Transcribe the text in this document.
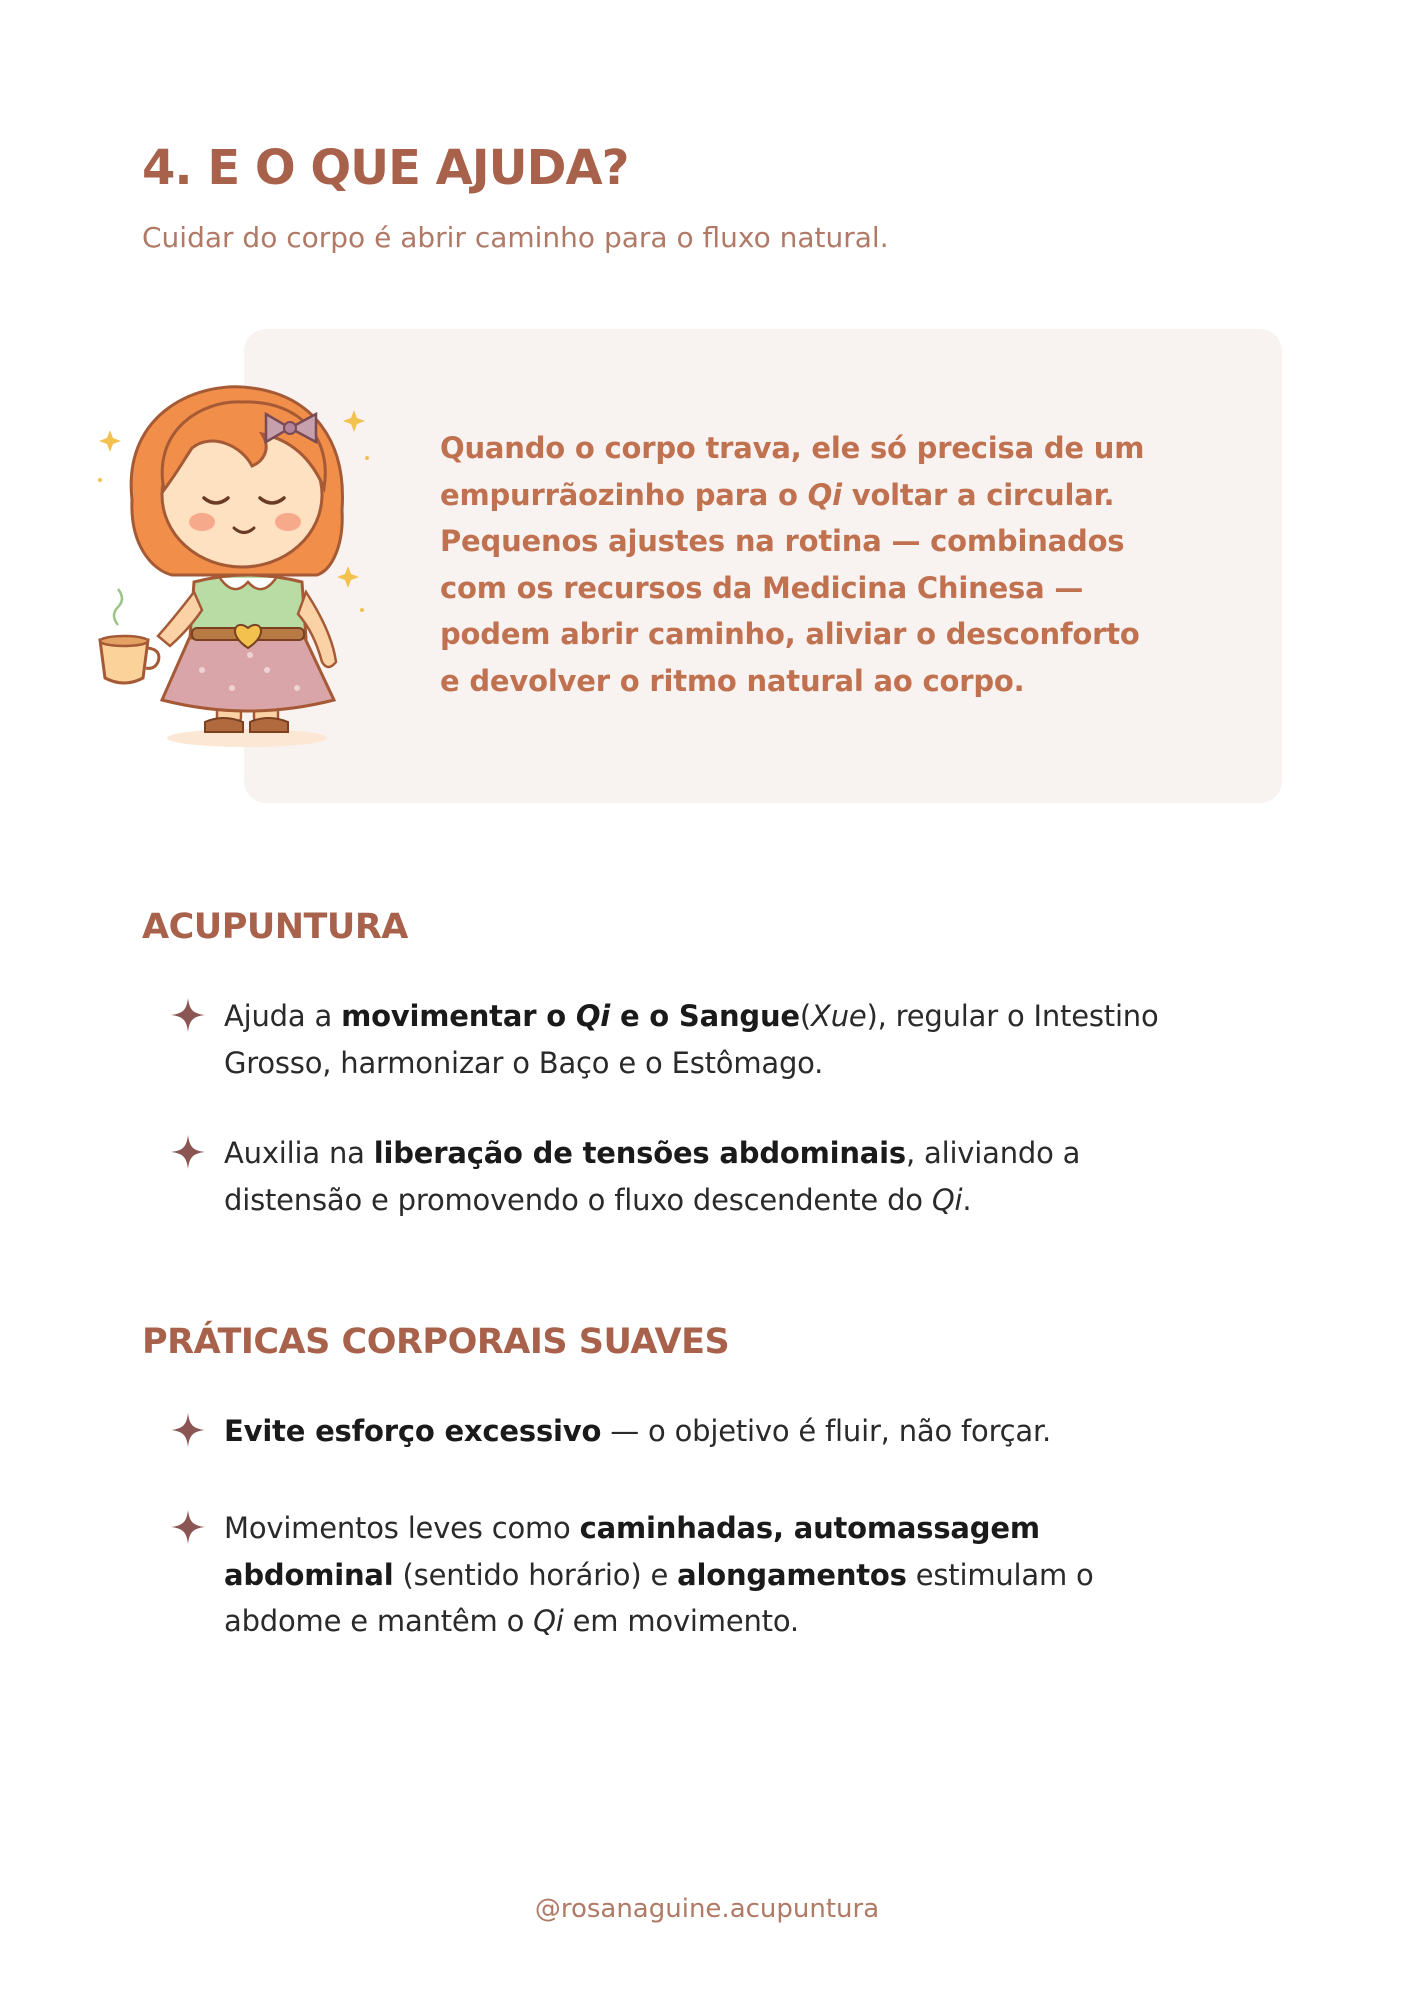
4. E O QUE AJUDA?

Cuidar do corpo é abrir caminho para o fluxo natural.

Quando o corpo trava, ele só precisa de um

empurrãozinho para o Qi voltar a circular.

Pequenos ajustes na rotina — combinados

com os recursos da Medicina Chinesa —

podem abrir caminho, aliviar o desconforto

e devolver o ritmo natural ao corpo.

ACUPUNTURA

Ajuda a movimentar o Qi e o Sangue(Xue), regular o Intestino

Grosso, harmonizar o Baço e o Estômago.

Auxilia na liberação de tensões abdominais, aliviando a

distensão e promovendo o fluxo descendente do Qi.

PRÁTICAS CORPORAIS SUAVES

Evite esforço excessivo — o objetivo é fluir, não forçar.

Movimentos leves como caminhadas, automassagem

abdominal (sentido horário) e alongamentos estimulam o

abdome e mantêm o Qi em movimento.

@rosanaguine.acupuntura
